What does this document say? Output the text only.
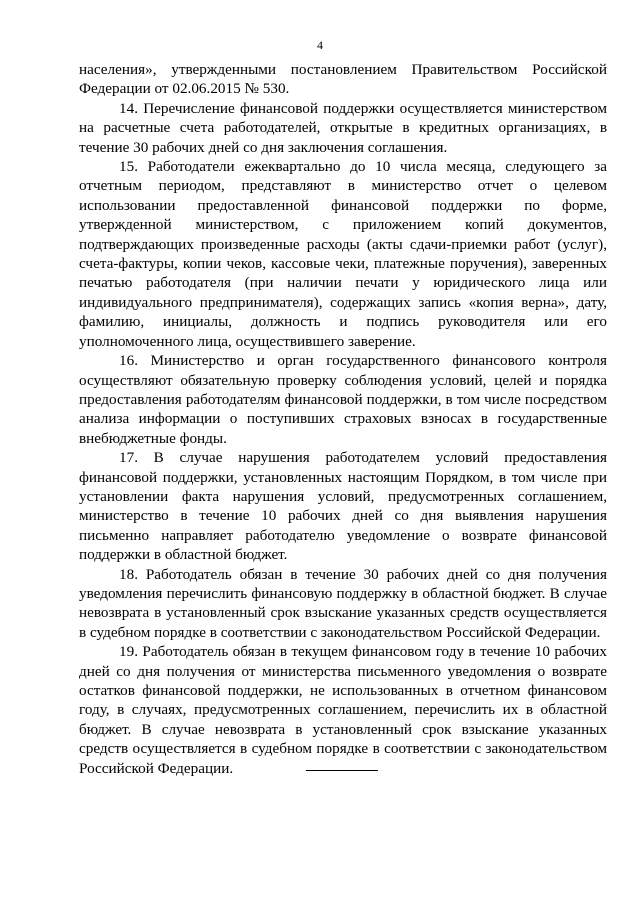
4

населения», утвержденными постановлением Правительством Российской Федерации от 02.06.2015 № 530.

14. Перечисление финансовой поддержки осуществляется министерством на расчетные счета работодателей, открытые в кредитных организациях, в течение 30 рабочих дней со дня заключения соглашения.

15. Работодатели ежеквартально до 10 числа месяца, следующего за отчетным периодом, представляют в министерство отчет о целевом использовании предоставленной финансовой поддержки по форме, утвержденной министерством, с приложением копий документов, подтверждающих произведенные расходы (акты сдачи-приемки работ (услуг), счета-фактуры, копии чеков, кассовые чеки, платежные поручения), заверенных печатью работодателя (при наличии печати у юридического лица или индивидуального предпринимателя), содержащих запись «копия верна», дату, фамилию, инициалы, должность и подпись руководителя или его уполномоченного лица, осуществившего заверение.

16. Министерство и орган государственного финансового контроля осуществляют обязательную проверку соблюдения условий, целей и порядка предоставления работодателям финансовой поддержки, в том числе посредством анализа информации о поступивших страховых взносах в государственные внебюджетные фонды.

17. В случае нарушения работодателем условий предоставления финансовой поддержки, установленных настоящим Порядком, в том числе при установлении факта нарушения условий, предусмотренных соглашением, министерство в течение 10 рабочих дней со дня выявления нарушения письменно направляет работодателю уведомление о возврате финансовой поддержки в областной бюджет.

18. Работодатель обязан в течение 30 рабочих дней со дня получения уведомления перечислить финансовую поддержку в областной бюджет. В случае невозврата в установленный срок взыскание указанных средств осуществляется в судебном порядке в соответствии с законодательством Российской Федерации.

19. Работодатель обязан в текущем финансовом году в течение 10 рабочих дней со дня получения от министерства письменного уведомления о возврате остатков финансовой поддержки, не использованных в отчетном финансовом году, в случаях, предусмотренных соглашением, перечислить их в областной бюджет. В случае невозврата в установленный срок взыскание указанных средств осуществляется в судебном порядке в соответствии с законодательством Российской Федерации.
